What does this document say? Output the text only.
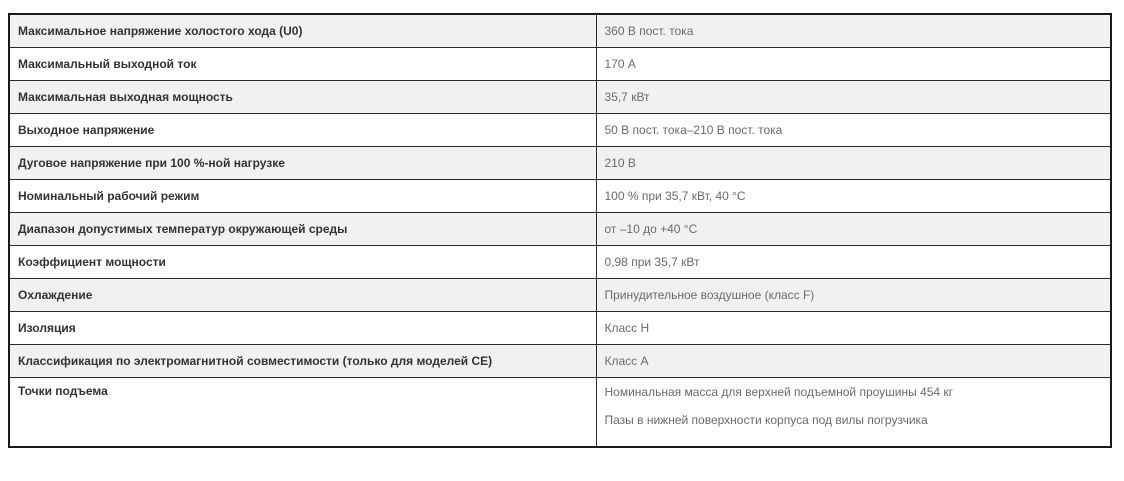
Максимальное напряжение холостого хода (U0)	360 В пост. тока
Максимальный выходной ток	170 А
Максимальная выходная мощность	35,7 кВт
Выходное напряжение	50 В пост. тока–210 В пост. тока
Дуговое напряжение при 100 %-ной нагрузке	210 В
Номинальный рабочий режим	100 % при 35,7 кВт, 40 °C
Диапазон допустимых температур окружающей среды	от –10 до +40 °C
Коэффициент мощности	0,98 при 35,7 кВт
Охлаждение	Принудительное воздушное (класс F)
Изоляция	Класс H
Классификация по электромагнитной совместимости (только для моделей CE)	Класс A
Точки подъема	Номинальная масса для верхней подъемной проушины 454 кг
Пазы в нижней поверхности корпуса под вилы погрузчика
